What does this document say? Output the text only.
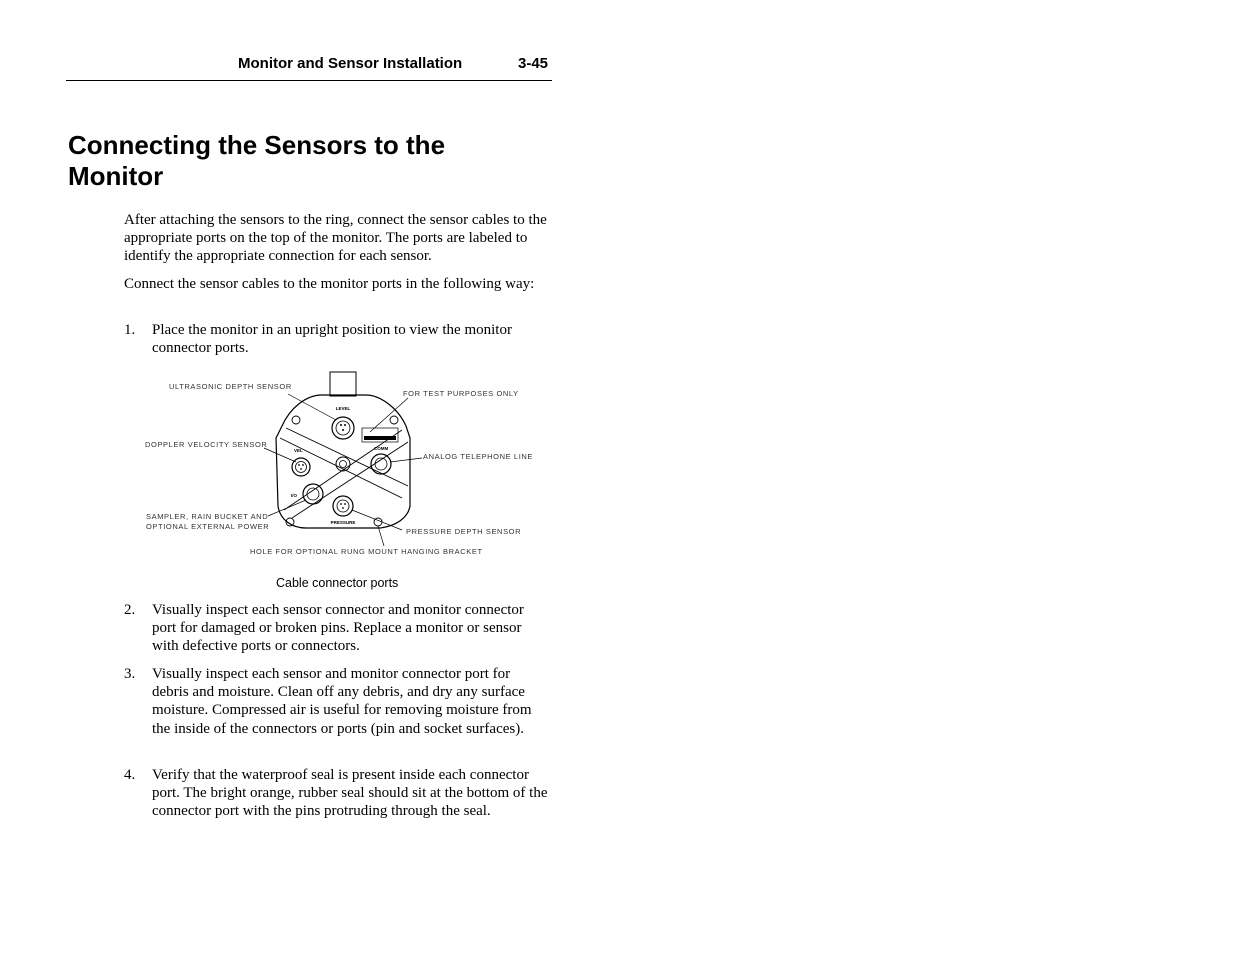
Monitor and Sensor Installation	3-45
Connecting the Sensors to the Monitor

After attaching the sensors to the ring, connect the sensor cables to the appropriate ports on the top of the monitor. The ports are labeled to identify the appropriate connection for each sensor.

Connect the sensor cables to the monitor ports in the following way:

1. Place the monitor in an upright position to view the monitor connector ports.
LEVEL
VEL	COMM
I/O
PRESSURE
ULTRASONIC DEPTH SENSOR
FOR TEST PURPOSES ONLY
DOPPLER VELOCITY SENSOR
ANALOG TELEPHONE LINE
SAMPLER, RAIN BUCKET AND
OPTIONAL EXTERNAL POWER
PRESSURE DEPTH SENSOR
HOLE FOR OPTIONAL RUNG MOUNT HANGING BRACKET
Cable connector ports
2. Visually inspect each sensor connector and monitor connector port for damaged or broken pins. Replace a monitor or sensor with defective ports or connectors.
3. Visually inspect each sensor and monitor connector port for debris and moisture. Clean off any debris, and dry any surface moisture. Compressed air is useful for removing moisture from the inside of the connectors or ports (pin and socket surfaces).
4. Verify that the waterproof seal is present inside each connector port. The bright orange, rubber seal should sit at the bottom of the connector port with the pins protruding through the seal.
